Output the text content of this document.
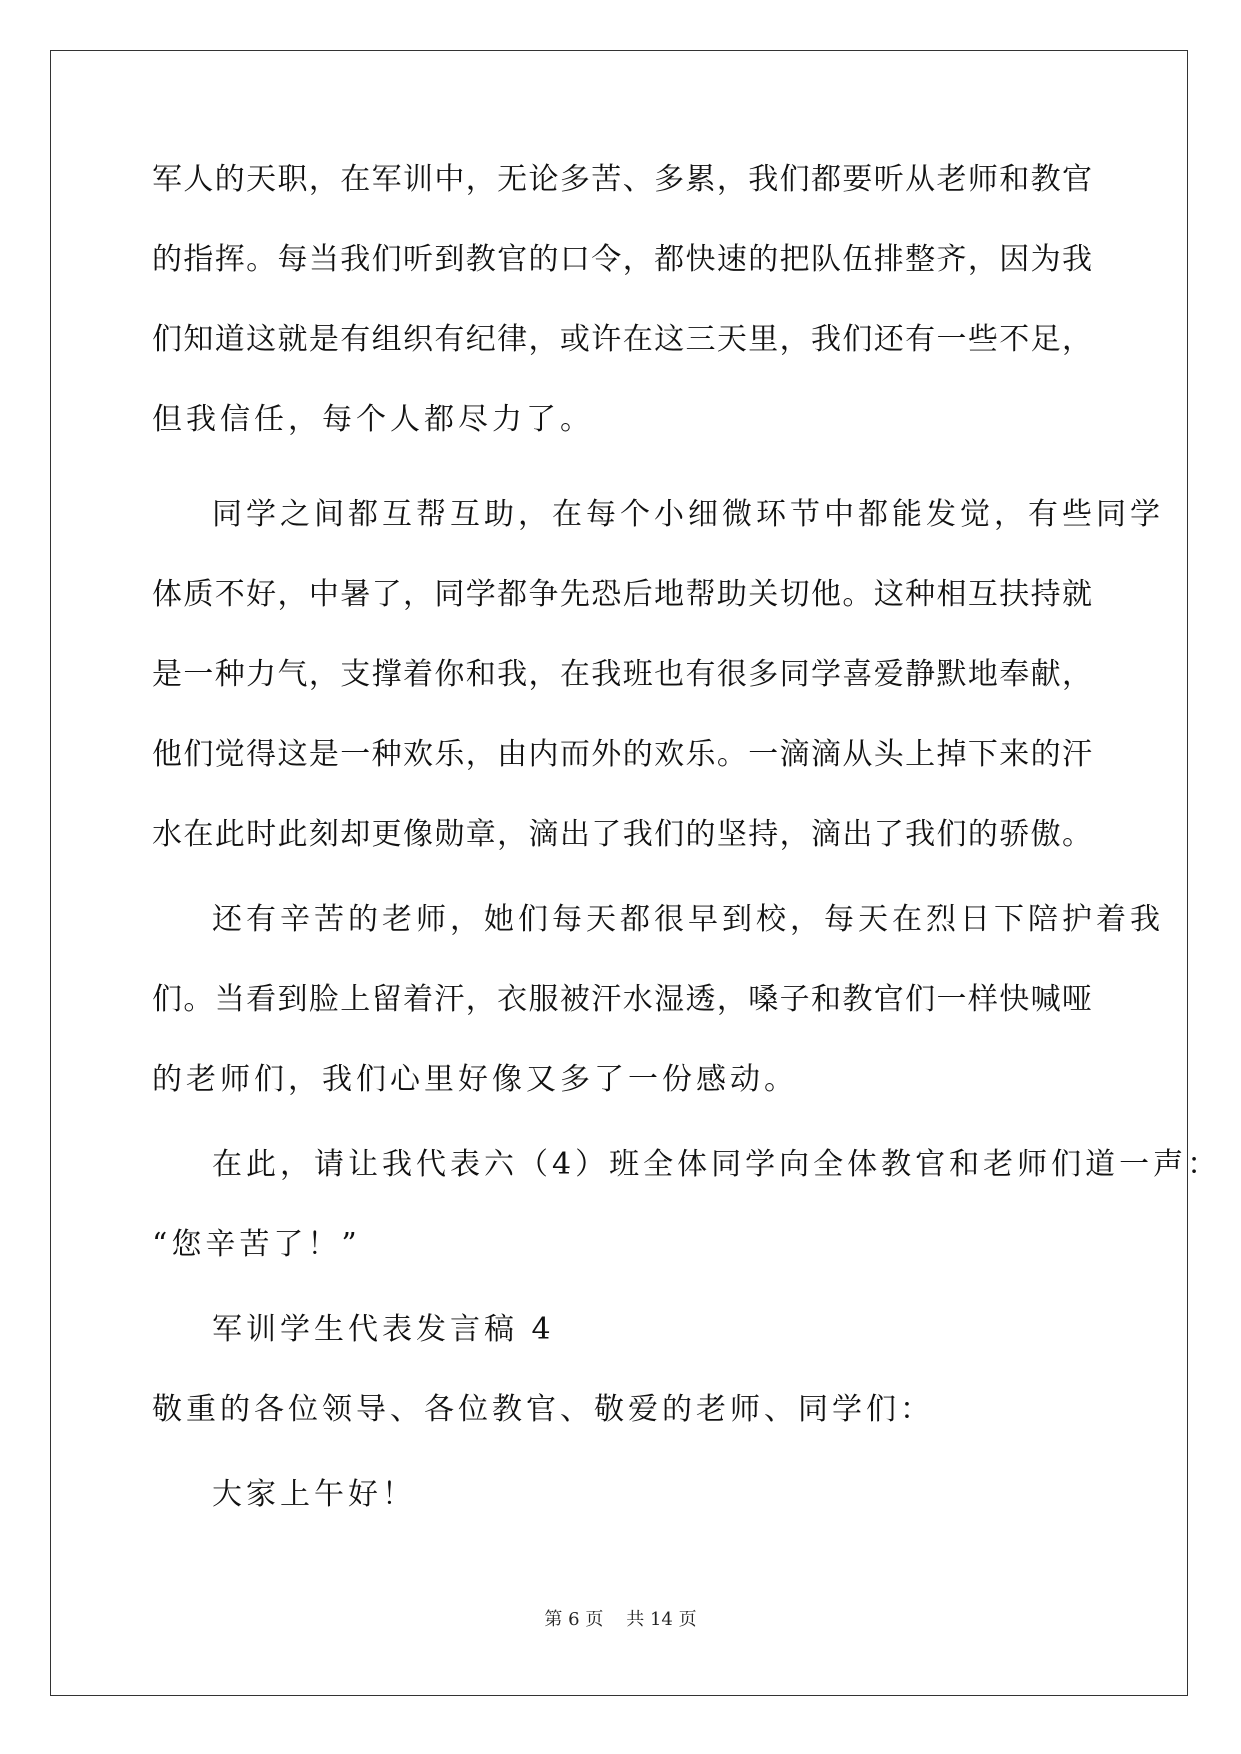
军人的天职，在军训中，无论多苦、多累，我们都要听从老师和教官
的指挥。每当我们听到教官的口令，都快速的把队伍排整齐，因为我
们知道这就是有组织有纪律，或许在这三天里，我们还有一些不足，
但我信任，每个人都尽力了。
同学之间都互帮互助，在每个小细微环节中都能发觉，有些同学
体质不好，中暑了，同学都争先恐后地帮助关切他。这种相互扶持就
是一种力气，支撑着你和我，在我班也有很多同学喜爱静默地奉献，
他们觉得这是一种欢乐，由内而外的欢乐。一滴滴从头上掉下来的汗
水在此时此刻却更像勋章，滴出了我们的坚持，滴出了我们的骄傲。
还有辛苦的老师，她们每天都很早到校，每天在烈日下陪护着我
们。当看到脸上留着汗，衣服被汗水湿透，嗓子和教官们一样快喊哑
的老师们，我们心里好像又多了一份感动。
在此，请让我代表六（4）班全体同学向全体教官和老师们道一声：
“您辛苦了！”
军训学生代表发言稿 4
敬重的各位领导、各位教官、敬爱的老师、同学们：
大家上午好！
第 6 页 共 14 页
